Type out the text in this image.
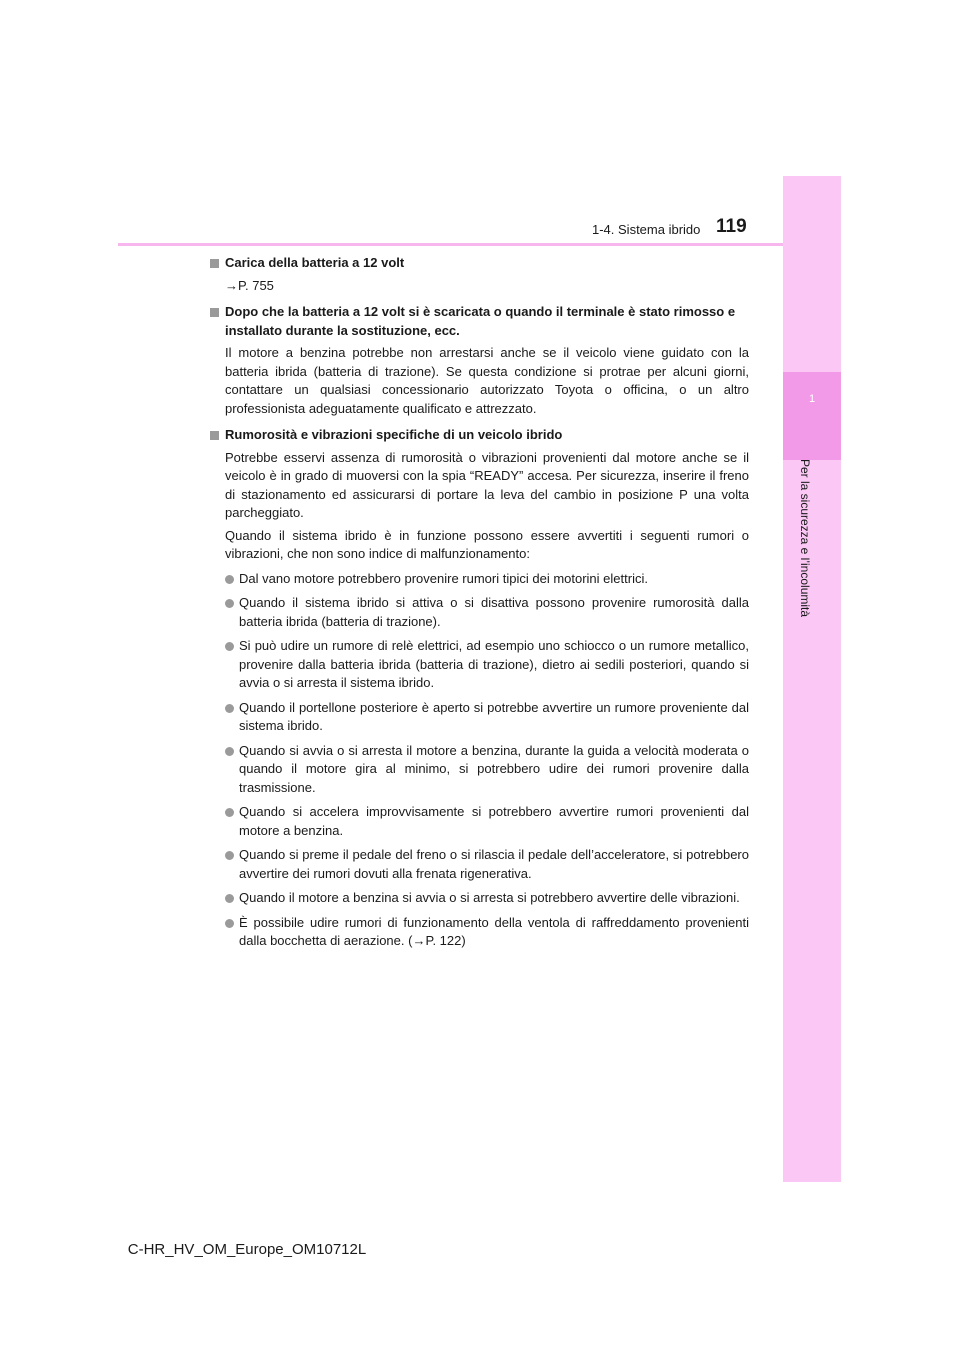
1
Per la sicurezza e l’incolumità
1-4. Sistema ibrido 119
Carica della batteria a 12 volt
→P. 755
Dopo che la batteria a 12 volt si è scaricata o quando il terminale è stato rimosso e installato durante la sostituzione, ecc.
Il motore a benzina potrebbe non arrestarsi anche se il veicolo viene guidato con la batteria ibrida (batteria di trazione). Se questa condizione si protrae per alcuni giorni, contattare un qualsiasi concessionario autorizzato Toyota o officina, o un altro professionista adeguatamente qualificato e attrezzato.
Rumorosità e vibrazioni specifiche di un veicolo ibrido
Potrebbe esservi assenza di rumorosità o vibrazioni provenienti dal motore anche se il veicolo è in grado di muoversi con la spia “READY” accesa. Per sicurezza, inserire il freno di stazionamento ed assicurarsi di portare la leva del cambio in posizione P una volta parcheggiato.
Quando il sistema ibrido è in funzione possono essere avvertiti i seguenti rumori o vibrazioni, che non sono indice di malfunzionamento:
Dal vano motore potrebbero provenire rumori tipici dei motorini elettrici.
Quando il sistema ibrido si attiva o si disattiva possono provenire rumorosità dalla batteria ibrida (batteria di trazione).
Si può udire un rumore di relè elettrici, ad esempio uno schiocco o un rumore metallico, provenire dalla batteria ibrida (batteria di trazione), dietro ai sedili posteriori, quando si avvia o si arresta il sistema ibrido.
Quando il portellone posteriore è aperto si potrebbe avvertire un rumore proveniente dal sistema ibrido.
Quando si avvia o si arresta il motore a benzina, durante la guida a velocità moderata o quando il motore gira al minimo, si potrebbero udire dei rumori provenire dalla trasmissione.
Quando si accelera improvvisamente si potrebbero avvertire rumori provenienti dal motore a benzina.
Quando si preme il pedale del freno o si rilascia il pedale dell’acceleratore, si potrebbero avvertire dei rumori dovuti alla frenata rigenerativa.
Quando il motore a benzina si avvia o si arresta si potrebbero avvertire delle vibrazioni.
È possibile udire rumori di funzionamento della ventola di raffreddamento provenienti dalla bocchetta di aerazione. (→P. 122)
C-HR_HV_OM_Europe_OM10712L
